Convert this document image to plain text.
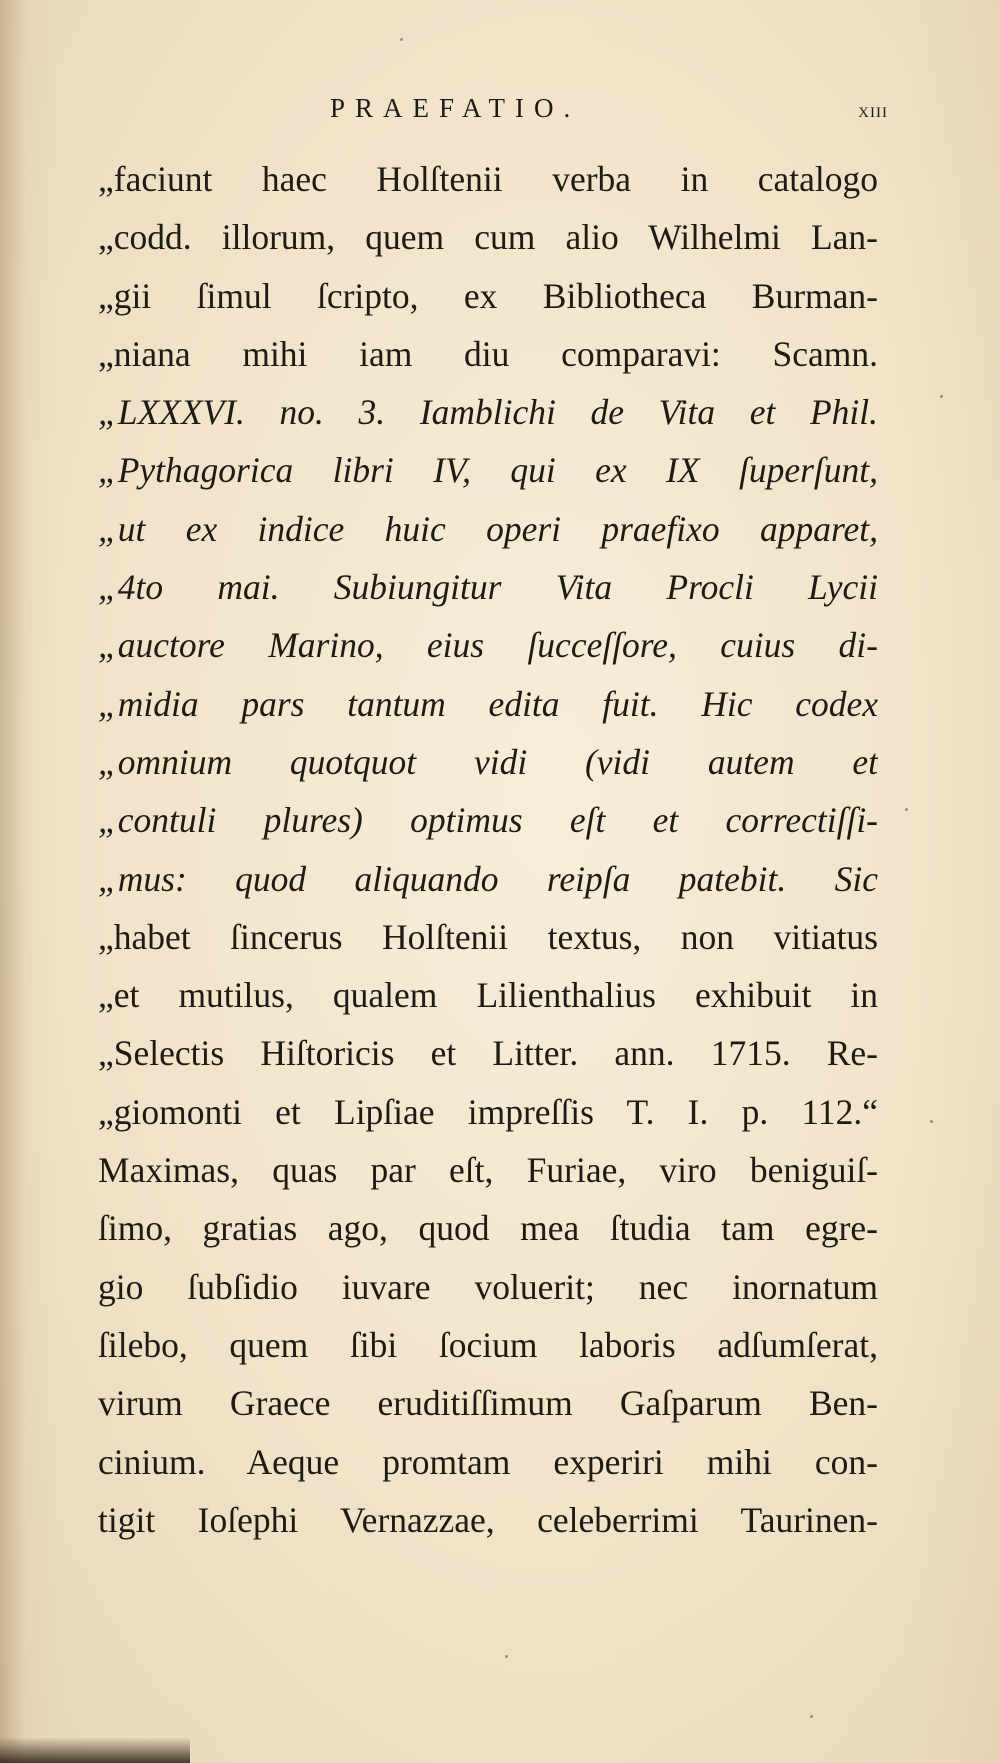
PRAEFATIO.	xiii
„faciunt haec Holſtenii verba in catalogo
„codd. illorum, quem cum alio Wilhelmi Lan-
„gii ſimul ſcripto, ex Bibliotheca Burman-
„niana mihi iam diu comparavi: Scamn.
„LXXXVI. no. 3. Iamblichi de Vita et Phil.
„Pythagorica libri IV, qui ex IX ſuperſunt,
„ut ex indice huic operi praefixo apparet,
„4to mai. Subiungitur Vita Procli Lycii
„auctore Marino, eius ſucceſſore, cuius di-
„midia pars tantum edita fuit. Hic codex
„omnium quotquot vidi (vidi autem et
„contuli plures) optimus eſt et correctiſſi-
„mus: quod aliquando reipſa patebit. Sic
„habet ſincerus Holſtenii textus, non vitiatus
„et mutilus, qualem Lilienthalius exhibuit in
„Selectis Hiſtoricis et Litter. ann. 1715. Re-
„giomonti et Lipſiae impreſſis T. I. p. 112.“
Maximas, quas par eſt, Furiae, viro beniguiſ-
ſimo, gratias ago, quod mea ſtudia tam egre-
gio ſubſidio iuvare voluerit; nec inornatum
ſilebo, quem ſibi ſocium laboris adſumſerat,
virum Graece eruditiſſimum Gaſparum Ben-
cinium. Aeque promtam experiri mihi con-
tigit Ioſephi Vernazzae, celeberrimi Taurinen-
